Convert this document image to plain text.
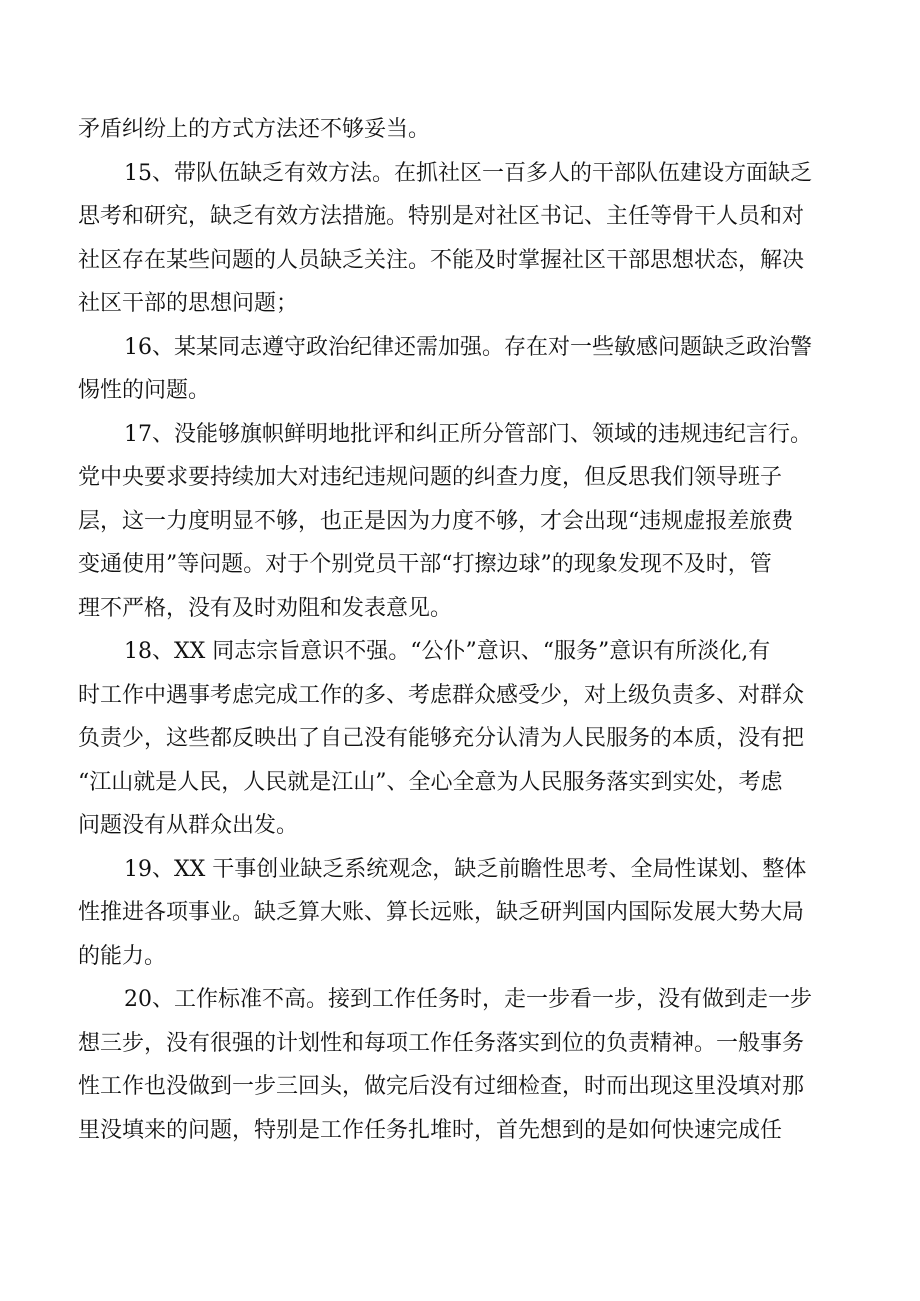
矛盾纠纷上的方式方法还不够妥当。

15、带队伍缺乏有效方法。在抓社区一百多人的干部队伍建设方面缺乏

思考和研究，缺乏有效方法措施。特别是对社区书记、主任等骨干人员和对

社区存在某些问题的人员缺乏关注。不能及时掌握社区干部思想状态，解决

社区干部的思想问题；

16、某某同志遵守政治纪律还需加强。存在对一些敏感问题缺乏政治警

惕性的问题。

17、没能够旗帜鲜明地批评和纠正所分管部门、领域的违规违纪言行。

党中央要求要持续加大对违纪违规问题的纠查力度，但反思我们领导班子

层，这一力度明显不够，也正是因为力度不够，才会出现“违规虚报差旅费

变通使用”等问题。对于个别党员干部“打擦边球”的现象发现不及时，管

理不严格，没有及时劝阻和发表意见。

18、XX 同志宗旨意识不强。“公仆”意识、“服务”意识有所淡化,有

时工作中遇事考虑完成工作的多、考虑群众感受少，对上级负责多、对群众

负责少，这些都反映出了自己没有能够充分认清为人民服务的本质，没有把

“江山就是人民，人民就是江山”、全心全意为人民服务落实到实处，考虑

问题没有从群众出发。

19、XX 干事创业缺乏系统观念，缺乏前瞻性思考、全局性谋划、整体

性推进各项事业。缺乏算大账、算长远账，缺乏研判国内国际发展大势大局

的能力。

20、工作标准不高。接到工作任务时，走一步看一步，没有做到走一步

想三步，没有很强的计划性和每项工作任务落实到位的负责精神。一般事务

性工作也没做到一步三回头，做完后没有过细检查，时而出现这里没填对那

里没填来的问题，特别是工作任务扎堆时，首先想到的是如何快速完成任
